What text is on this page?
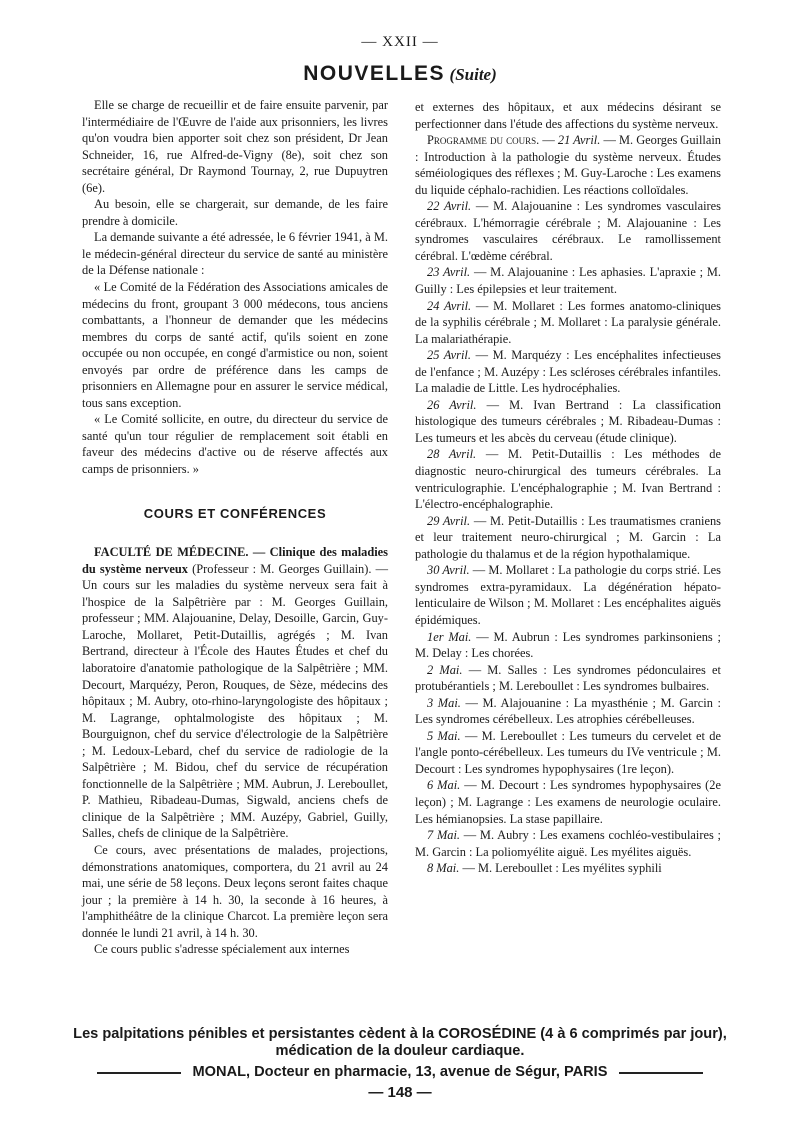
— XXII —
NOUVELLES (Suite)

Elle se charge de recueillir et de faire ensuite parvenir, par l'intermédiaire de l'Œuvre de l'aide aux prisonniers, les livres qu'on voudra bien apporter soit chez son président, Dr Jean Schneider, 16, rue Alfred-de-Vigny (8e), soit chez son secrétaire général, Dr Raymond Tournay, 2, rue Dupuytren (6e).

Au besoin, elle se chargerait, sur demande, de les faire prendre à domicile.

La demande suivante a été adressée, le 6 février 1941, à M. le médecin-général directeur du service de santé au ministère de la Défense nationale :

« Le Comité de la Fédération des Associations amicales de médecins du front, groupant 3 000 médecons, tous anciens combattants, a l'honneur de demander que les médecins membres du corps de santé actif, qu'ils soient en zone occupée ou non occupée, en congé d'armistice ou non, soient envoyés par ordre de préférence dans les camps de prisonniers en Allemagne pour en assurer le service médical, tous sans exception.

« Le Comité sollicite, en outre, du directeur du service de santé qu'un tour régulier de remplacement soit établi en faveur des médecins d'active ou de réserve affectés aux camps de prisonniers. »

COURS ET CONFÉRENCES

FACULTÉ DE MÉDECINE. — Clinique des maladies du système nerveux (Professeur : M. Georges Guillain). — Un cours sur les maladies du système nerveux sera fait à l'hospice de la Salpêtrière par : M. Georges Guillain, professeur ; MM. Alajouanine, Delay, Desoille, Garcin, Guy-Laroche, Mollaret, Petit-Dutaillis, agrégés ; M. Ivan Bertrand, directeur à l'École des Hautes Études et chef du laboratoire d'anatomie pathologique de la Salpêtrière ; MM. Decourt, Marquézy, Peron, Rouques, de Sèze, médecins des hôpitaux ; M. Aubry, oto-rhino-laryngologiste des hôpitaux ; M. Lagrange, ophtalmologiste des hôpitaux ; M. Bourguignon, chef du service d'électrologie de la Salpêtrière ; M. Ledoux-Lebard, chef du service de radiologie de la Salpêtrière ; M. Bidou, chef du service de récupération fonctionnelle de la Salpêtrière ; MM. Aubrun, J. Lereboullet, P. Mathieu, Ribadeau-Dumas, Sigwald, anciens chefs de clinique de la Salpêtrière ; MM. Auzépy, Gabriel, Guilly, Salles, chefs de clinique de la Salpêtrière.

Ce cours, avec présentations de malades, projections, démonstrations anatomiques, comportera, du 21 avril au 24 mai, une série de 58 leçons. Deux leçons seront faites chaque jour ; la première à 14 h. 30, la seconde à 16 heures, à l'amphithéâtre de la clinique Charcot. La première leçon sera donnée le lundi 21 avril, à 14 h. 30.

Ce cours public s'adresse spécialement aux internes

et externes des hôpitaux, et aux médecins désirant se perfectionner dans l'étude des affections du système nerveux.

Programme du cours. — 21 Avril. — M. Georges Guillain : Introduction à la pathologie du système nerveux. Études séméiologiques des réflexes ; M. Guy-Laroche : Les examens du liquide céphalo-rachidien. Les réactions colloïdales.

22 Avril. — M. Alajouanine : Les syndromes vasculaires cérébraux. L'hémorragie cérébrale ; M. Alajouanine : Les syndromes vasculaires cérébraux. Le ramollissement cérébral. L'œdème cérébral.

23 Avril. — M. Alajouanine : Les aphasies. L'apraxie ; M. Guilly : Les épilepsies et leur traitement.

24 Avril. — M. Mollaret : Les formes anatomo-cliniques de la syphilis cérébrale ; M. Mollaret : La paralysie générale. La malariathérapie.

25 Avril. — M. Marquézy : Les encéphalites infectieuses de l'enfance ; M. Auzépy : Les scléroses cérébrales infantiles. La maladie de Little. Les hydrocéphalies.

26 Avril. — M. Ivan Bertrand : La classification histologique des tumeurs cérébrales ; M. Ribadeau-Dumas : Les tumeurs et les abcès du cerveau (étude clinique).

28 Avril. — M. Petit-Dutaillis : Les méthodes de diagnostic neuro-chirurgical des tumeurs cérébrales. La ventriculographie. L'encéphalographie ; M. Ivan Bertrand : L'électro-encéphalographie.

29 Avril. — M. Petit-Dutaillis : Les traumatismes craniens et leur traitement neuro-chirurgical ; M. Garcin : La pathologie du thalamus et de la région hypothalamique.

30 Avril. — M. Mollaret : La pathologie du corps strié. Les syndromes extra-pyramidaux. La dégénération hépato-lenticulaire de Wilson ; M. Mollaret : Les encéphalites aiguës épidémiques.

1er Mai. — M. Aubrun : Les syndromes parkinsoniens ; M. Delay : Les chorées.

2 Mai. — M. Salles : Les syndromes pédonculaires et protubérantiels ; M. Lereboullet : Les syndromes bulbaires.

3 Mai. — M. Alajouanine : La myasthénie ; M. Garcin : Les syndromes cérébelleux. Les atrophies cérébelleuses.

5 Mai. — M. Lereboullet : Les tumeurs du cervelet et de l'angle ponto-cérébelleux. Les tumeurs du IVe ventricule ; M. Decourt : Les syndromes hypophysaires (1re leçon).

6 Mai. — M. Decourt : Les syndromes hypophysaires (2e leçon) ; M. Lagrange : Les examens de neurologie oculaire. Les hémianopsies. La stase papillaire.

7 Mai. — M. Aubry : Les examens cochléo-vestibulaires ; M. Garcin : La poliomyélite aiguë. Les myélites aiguës.

8 Mai. — M. Lereboullet : Les myélites syphili

Les palpitations pénibles et persistantes cèdent à la COROSÉDINE (4 à 6 comprimés par jour),
médication de la douleur cardiaque.
MONAL, Docteur en pharmacie, 13, avenue de Ségur, PARIS
— 148 —
